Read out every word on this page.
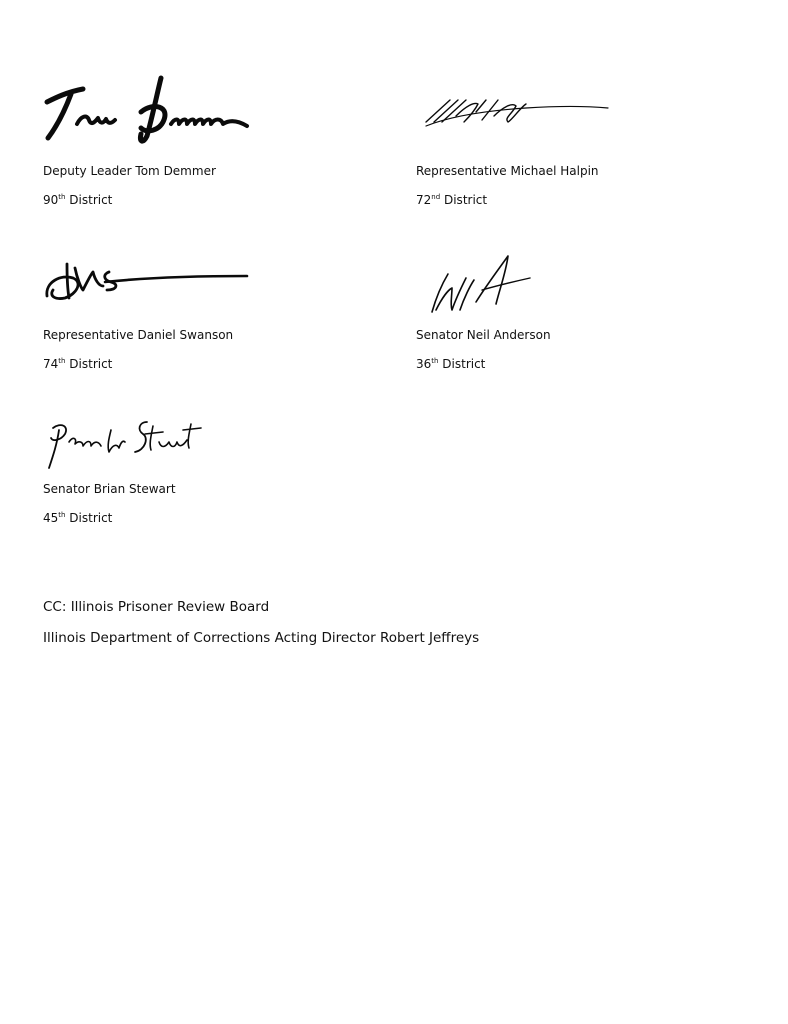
Deputy Leader Tom Demmer
90th District
Representative Michael Halpin
72nd District
Representative Daniel Swanson
74th District
Senator Neil Anderson
36th District
Senator Brian Stewart
45th District
CC: Illinois Prisoner Review Board
Illinois Department of Corrections Acting Director Robert Jeffreys
